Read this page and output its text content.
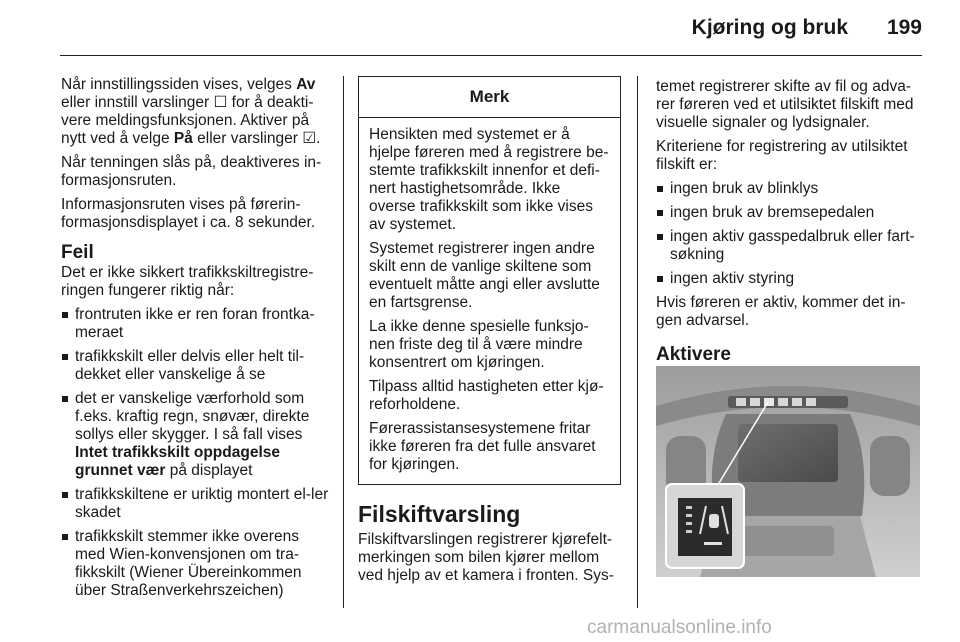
Kjøring og bruk 199

Når innstillingssiden vises, velges Av eller innstill varslinger ☐ for å deakti-vere meldingsfunksjonen. Aktiver på nytt ved å velge På eller varslinger ☑.

Når tenningen slås på, deaktiveres in-formasjonsruten.

Informasjonsruten vises på førerin-formasjonsdisplayet i ca. 8 sekunder.

Feil

Det er ikke sikkert trafikkskiltregistre-ringen fungerer riktig når:

frontruten ikke er ren foran frontka-meraet
trafikkskilt eller delvis eller helt til-dekket eller vanskelige å se
det er vanskelige værforhold som f.eks. kraftig regn, snøvær, direkte sollys eller skygger. I så fall vises Intet trafikkskilt oppdagelse grunnet vær på displayet
trafikkskiltene er uriktig montert el-ler skadet
trafikkskilt stemmer ikke overens med Wien-konvensjonen om tra-fikkskilt (Wiener Übereinkommen über Straßenverkehrszeichen)
Merk

Hensikten med systemet er å hjelpe føreren med å registrere be-stemte trafikkskilt innenfor et defi-nert hastighetsområde. Ikke overse trafikkskilt som ikke vises av systemet.

Systemet registrerer ingen andre skilt enn de vanlige skiltene som eventuelt måtte angi eller avslutte en fartsgrense.

La ikke denne spesielle funksjo-nen friste deg til å være mindre konsentrert om kjøringen.

Tilpass alltid hastigheten etter kjø-reforholdene.

Førerassistansesystemene fritar ikke føreren fra det fulle ansvaret for kjøringen.

Filskiftvarsling

Filskiftvarslingen registrerer kjørefelt-merkingen som bilen kjører mellom ved hjelp av et kamera i fronten. Sys-

temet registrerer skifte av fil og adva-rer føreren ved et utilsiktet filskift med visuelle signaler og lydsignaler.

Kriteriene for registrering av utilsiktet filskift er:

ingen bruk av blinklys
ingen bruk av bremsepedalen
ingen aktiv gasspedalbruk eller fart-søkning
ingen aktiv styring

Hvis føreren er aktiv, kommer det in-gen advarsel.

Aktivere
carmanualsonline.info
